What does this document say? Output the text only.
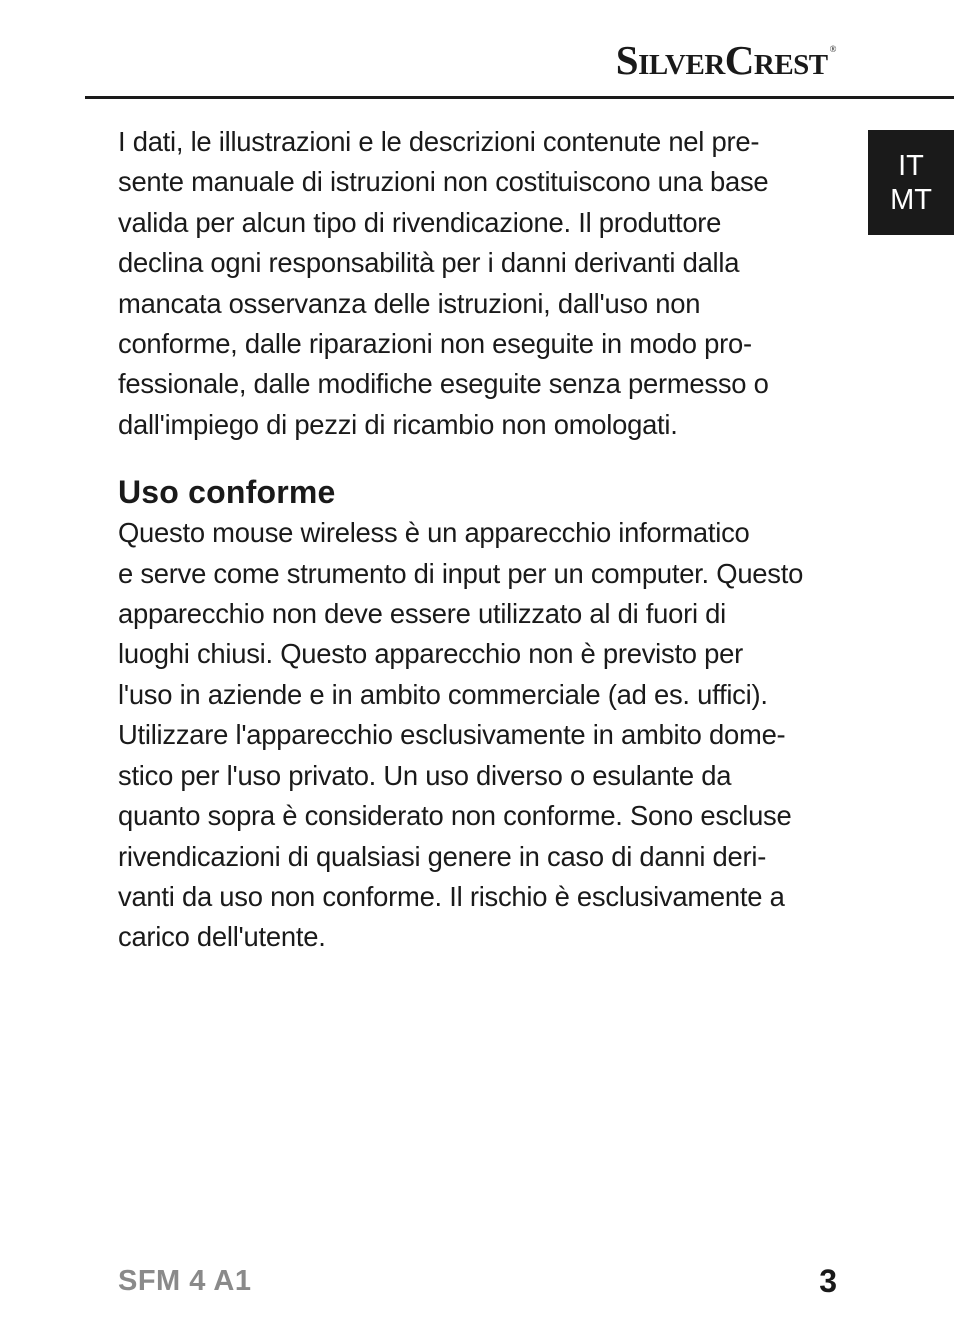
SilverCrest ®
IT
MT

I dati, le illustrazioni e le descrizioni contenute nel pre-
sente manuale di istruzioni non costituiscono una base
valida per alcun tipo di rivendicazione. Il produttore
declina ogni responsabilità per i danni derivanti dalla
mancata osservanza delle istruzioni, dall'uso non
conforme, dalle riparazioni non eseguite in modo pro-
fessionale, dalle modifiche eseguite senza permesso o
dall'impiego di pezzi di ricambio non omologati.

Uso conforme

Questo mouse wireless è un apparecchio informatico
e serve come strumento di input per un computer. Questo
apparecchio non deve essere utilizzato al di fuori di
luoghi chiusi. Questo apparecchio non è previsto per
l'uso in aziende e in ambito commerciale (ad es. uffici).
Utilizzare l'apparecchio esclusivamente in ambito dome-
stico per l'uso privato. Un uso diverso o esulante da
quanto sopra è considerato non conforme. Sono escluse
rivendicazioni di qualsiasi genere in caso di danni deri-
vanti da uso non conforme. Il rischio è esclusivamente a
carico dell'utente.

SFM 4 A1	3
